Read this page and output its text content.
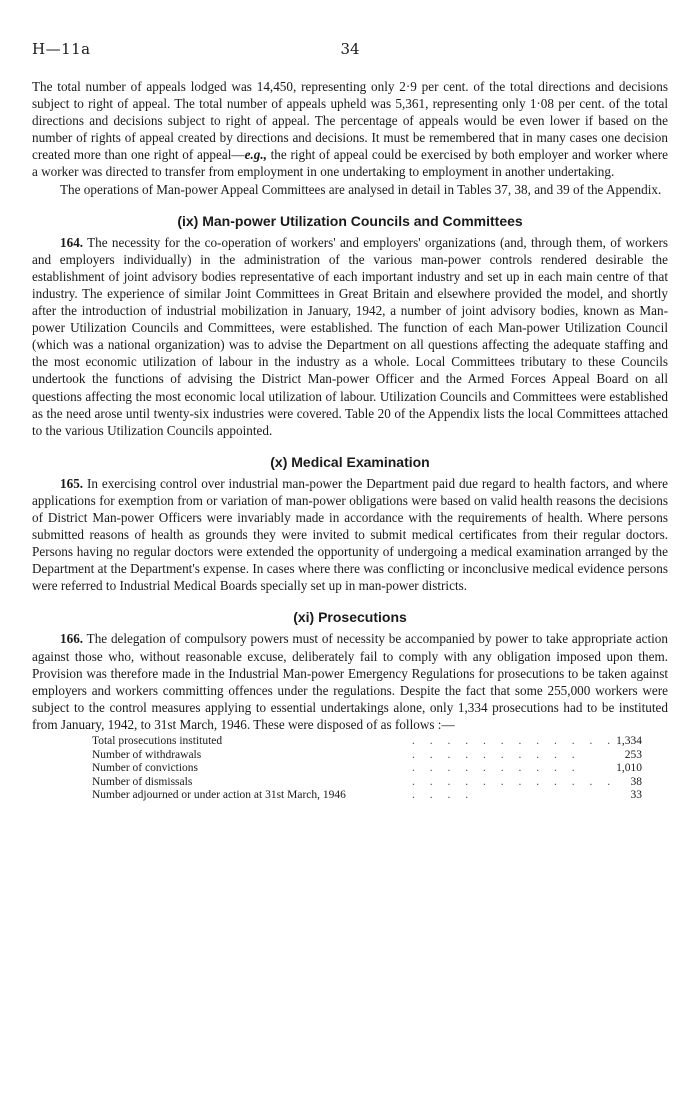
H—11a	34

The total number of appeals lodged was 14,450, representing only 2·9 per cent. of the total directions and decisions subject to right of appeal. The total number of appeals upheld was 5,361, representing only 1·08 per cent. of the total directions and decisions subject to right of appeal. The percentage of appeals would be even lower if based on the number of rights of appeal created by directions and decisions. It must be remembered that in many cases one decision created more than one right of appeal—e.g., the right of appeal could be exercised by both employer and worker where a worker was directed to transfer from employment in one undertaking to employment in another undertaking.

The operations of Man-power Appeal Committees are analysed in detail in Tables 37, 38, and 39 of the Appendix.

(ix) Man-power Utilization Councils and Committees

164. The necessity for the co-operation of workers' and employers' organizations (and, through them, of workers and employers individually) in the administration of the various man-power controls rendered desirable the establishment of joint advisory bodies representative of each important industry and set up in each main centre of that industry. The experience of similar Joint Committees in Great Britain and elsewhere provided the model, and shortly after the introduction of industrial mobilization in January, 1942, a number of joint advisory bodies, known as Man-power Utilization Councils and Committees, were established. The function of each Man-power Utilization Council (which was a national organization) was to advise the Department on all questions affecting the adequate staffing and the most economic utilization of labour in the industry as a whole. Local Committees tributary to these Councils undertook the functions of advising the District Man-power Officer and the Armed Forces Appeal Board on all questions affecting the most economic local utilization of labour. Utilization Councils and Committees were established as the need arose until twenty-six industries were covered. Table 20 of the Appendix lists the local Committees attached to the various Utilization Councils appointed.

(x) Medical Examination

165. In exercising control over industrial man-power the Department paid due regard to health factors, and where applications for exemption from or variation of man-power obligations were based on valid health reasons the decisions of District Man-power Officers were invariably made in accordance with the requirements of health. Where persons submitted reasons of health as grounds they were invited to submit medical certificates from their regular doctors. Persons having no regular doctors were extended the opportunity of undergoing a medical examination arranged by the Department at the Department's expense. In cases where there was conflicting or inconclusive medical evidence persons were referred to Industrial Medical Boards specially set up in man-power districts.

(xi) Prosecutions

166. The delegation of compulsory powers must of necessity be accompanied by power to take appropriate action against those who, without reasonable excuse, deliberately fail to comply with any obligation imposed upon them. Provision was therefore made in the Industrial Man-power Emergency Regulations for prosecutions to be taken against employers and workers committing offences under the regulations. Despite the fact that some 255,000 workers were subject to the control measures applying to essential undertakings alone, only 1,334 prosecutions had to be instituted from January, 1942, to 31st March, 1946. These were disposed of as follows :—

Total prosecutions instituted	. . . . . . . . . . . .	1,334
Number of withdrawals	. . . . . . . . . .	253
Number of convictions	. . . . . . . . . .	1,010
Number of dismissals	. . . . . . . . . . . .	38
Number adjourned or under action at 31st March, 1946	. . . .	33
